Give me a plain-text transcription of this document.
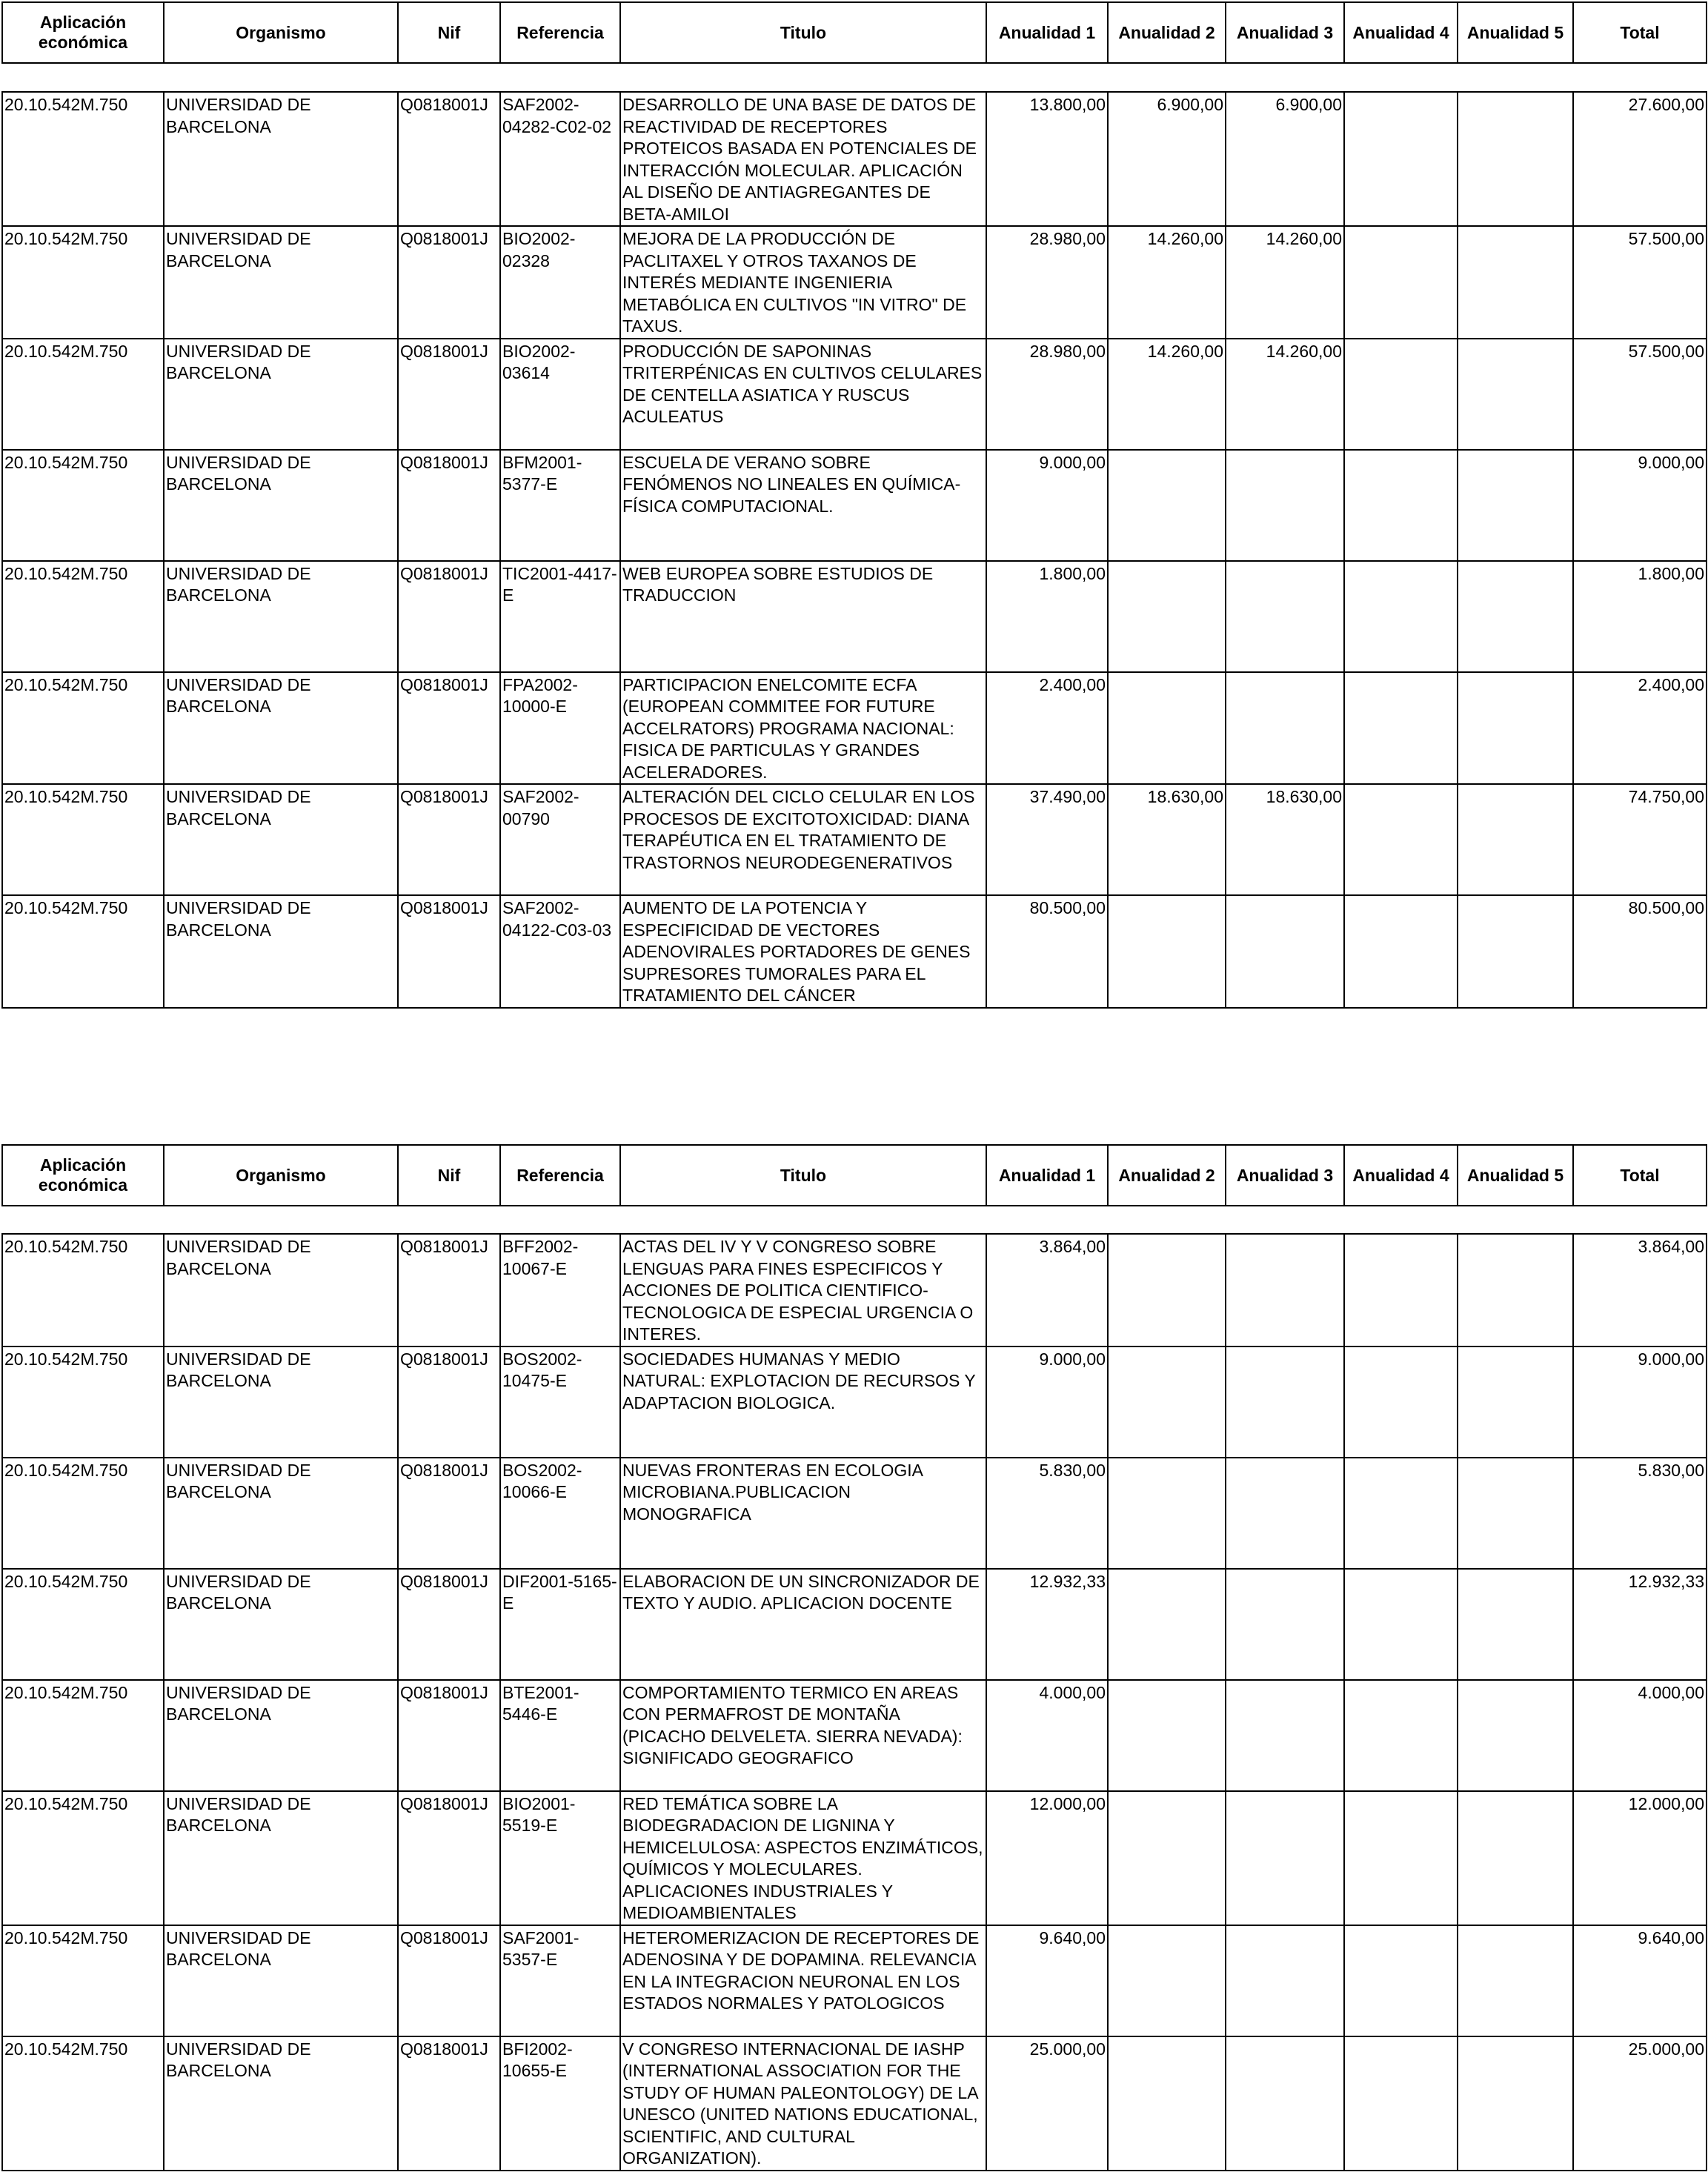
Aplicación económica	Organismo	Nif	Referencia	Titulo	Anualidad 1	Anualidad 2	Anualidad 3	Anualidad 4	Anualidad 5	Total
20.10.542M.750	UNIVERSIDAD DE BARCELONA	Q0818001J	SAF2002-04282-C02-02	DESARROLLO DE UNA BASE DE DATOS DE REACTIVIDAD DE RECEPTORES PROTEICOS BASADA EN POTENCIALES DE INTERACCIÓN MOLECULAR. APLICACIÓN AL DISEÑO DE ANTIAGREGANTES DE BETA-AMILOI	13.800,00	6.900,00	6.900,00			27.600,00
20.10.542M.750	UNIVERSIDAD DE BARCELONA	Q0818001J	BIO2002-02328	MEJORA DE LA PRODUCCIÓN DE PACLITAXEL Y OTROS TAXANOS DE INTERÉS MEDIANTE INGENIERIA METABÓLICA EN CULTIVOS "IN VITRO" DE TAXUS.	28.980,00	14.260,00	14.260,00			57.500,00
20.10.542M.750	UNIVERSIDAD DE BARCELONA	Q0818001J	BIO2002-03614	PRODUCCIÓN DE SAPONINAS TRITERPÉNICAS EN CULTIVOS CELULARES DE CENTELLA ASIATICA Y RUSCUS ACULEATUS	28.980,00	14.260,00	14.260,00			57.500,00
20.10.542M.750	UNIVERSIDAD DE BARCELONA	Q0818001J	BFM2001-5377-E	ESCUELA DE VERANO SOBRE FENÓMENOS NO LINEALES EN QUÍMICA-FÍSICA COMPUTACIONAL.	9.000,00					9.000,00
20.10.542M.750	UNIVERSIDAD DE BARCELONA	Q0818001J	TIC2001-4417-E	WEB EUROPEA SOBRE ESTUDIOS DE TRADUCCION	1.800,00					1.800,00
20.10.542M.750	UNIVERSIDAD DE BARCELONA	Q0818001J	FPA2002-10000-E	PARTICIPACION ENELCOMITE ECFA (EUROPEAN COMMITEE FOR FUTURE ACCELRATORS) PROGRAMA NACIONAL: FISICA DE PARTICULAS Y GRANDES ACELERADORES.	2.400,00					2.400,00
20.10.542M.750	UNIVERSIDAD DE BARCELONA	Q0818001J	SAF2002-00790	ALTERACIÓN DEL CICLO CELULAR EN LOS PROCESOS DE EXCITOTOXICIDAD: DIANA TERAPÉUTICA EN EL TRATAMIENTO DE TRASTORNOS NEURODEGENERATIVOS	37.490,00	18.630,00	18.630,00			74.750,00
20.10.542M.750	UNIVERSIDAD DE BARCELONA	Q0818001J	SAF2002-04122-C03-03	AUMENTO DE LA POTENCIA Y ESPECIFICIDAD DE VECTORES ADENOVIRALES PORTADORES DE GENES SUPRESORES TUMORALES PARA EL TRATAMIENTO DEL CÁNCER	80.500,00					80.500,00
Aplicación económica	Organismo	Nif	Referencia	Titulo	Anualidad 1	Anualidad 2	Anualidad 3	Anualidad 4	Anualidad 5	Total
20.10.542M.750	UNIVERSIDAD DE BARCELONA	Q0818001J	BFF2002-10067-E	ACTAS DEL IV Y V CONGRESO SOBRE LENGUAS PARA FINES ESPECIFICOS Y ACCIONES DE POLITICA CIENTIFICO-TECNOLOGICA DE ESPECIAL URGENCIA O INTERES.	3.864,00					3.864,00
20.10.542M.750	UNIVERSIDAD DE BARCELONA	Q0818001J	BOS2002-10475-E	SOCIEDADES HUMANAS Y MEDIO NATURAL: EXPLOTACION DE RECURSOS Y ADAPTACION BIOLOGICA.	9.000,00					9.000,00
20.10.542M.750	UNIVERSIDAD DE BARCELONA	Q0818001J	BOS2002-10066-E	NUEVAS FRONTERAS EN ECOLOGIA MICROBIANA.PUBLICACION MONOGRAFICA	5.830,00					5.830,00
20.10.542M.750	UNIVERSIDAD DE BARCELONA	Q0818001J	DIF2001-5165-E	ELABORACION DE UN SINCRONIZADOR DE TEXTO Y AUDIO. APLICACION DOCENTE	12.932,33					12.932,33
20.10.542M.750	UNIVERSIDAD DE BARCELONA	Q0818001J	BTE2001-5446-E	COMPORTAMIENTO TERMICO EN AREAS CON PERMAFROST DE MONTAÑA (PICACHO DELVELETA. SIERRA NEVADA): SIGNIFICADO GEOGRAFICO	4.000,00					4.000,00
20.10.542M.750	UNIVERSIDAD DE BARCELONA	Q0818001J	BIO2001-5519-E	RED TEMÁTICA SOBRE LA BIODEGRADACION DE LIGNINA Y HEMICELULOSA: ASPECTOS ENZIMÁTICOS, QUÍMICOS Y MOLECULARES. APLICACIONES INDUSTRIALES Y MEDIOAMBIENTALES	12.000,00					12.000,00
20.10.542M.750	UNIVERSIDAD DE BARCELONA	Q0818001J	SAF2001-5357-E	HETEROMERIZACION DE RECEPTORES DE ADENOSINA Y DE DOPAMINA. RELEVANCIA EN LA INTEGRACION NEURONAL EN LOS ESTADOS NORMALES Y PATOLOGICOS	9.640,00					9.640,00
20.10.542M.750	UNIVERSIDAD DE BARCELONA	Q0818001J	BFI2002-10655-E	V CONGRESO INTERNACIONAL DE IASHP (INTERNATIONAL ASSOCIATION FOR THE STUDY OF HUMAN PALEONTOLOGY) DE LA UNESCO (UNITED NATIONS EDUCATIONAL, SCIENTIFIC, AND CULTURAL ORGANIZATION).	25.000,00					25.000,00
